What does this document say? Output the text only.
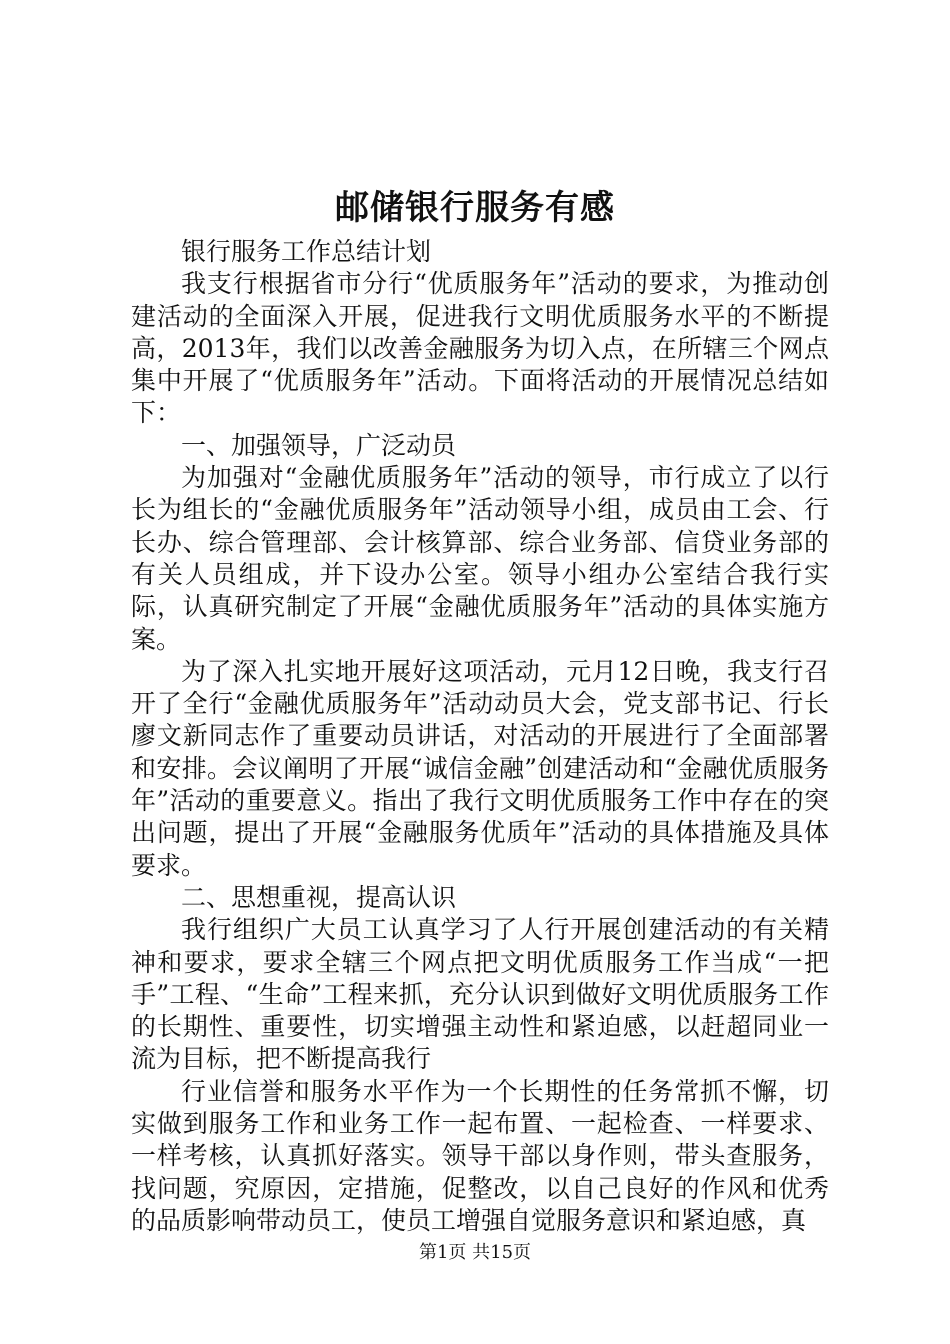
邮储银行服务有感

银行服务工作总结计划

我支行根据省市分行“优质服务年”活动的要求，为推动创建活动的全面深入开展，促进我行文明优质服务水平的不断提高，2013年，我们以改善金融服务为切入点，在所辖三个网点集中开展了“优质服务年”活动。下面将活动的开展情况总结如下：

一、加强领导，广泛动员

为加强对“金融优质服务年”活动的领导，市行成立了以行长为组长的“金融优质服务年”活动领导小组，成员由工会、行长办、综合管理部、会计核算部、综合业务部、信贷业务部的有关人员组成，并下设办公室。领导小组办公室结合我行实际，认真研究制定了开展“金融优质服务年”活动的具体实施方案。

为了深入扎实地开展好这项活动，元月12日晚，我支行召开了全行“金融优质服务年”活动动员大会，党支部书记、行长廖文新同志作了重要动员讲话，对活动的开展进行了全面部署和安排。会议阐明了开展“诚信金融”创建活动和“金融优质服务年”活动的重要意义。指出了我行文明优质服务工作中存在的突出问题，提出了开展“金融服务优质年”活动的具体措施及具体要求。

二、思想重视，提高认识

我行组织广大员工认真学习了人行开展创建活动的有关精神和要求，要求全辖三个网点把文明优质服务工作当成“一把手”工程、“生命”工程来抓，充分认识到做好文明优质服务工作的长期性、重要性，切实增强主动性和紧迫感，以赶超同业一流为目标，把不断提高我行

行业信誉和服务水平作为一个长期性的任务常抓不懈，切实做到服务工作和业务工作一起布置、一起检查、一样要求、一样考核，认真抓好落实。领导干部以身作则，带头查服务，找问题，究原因，定措施，促整改，以自己良好的作风和优秀的品质影响带动员工，使员工增强自觉服务意识和紧迫感，真

第1页 共15页
